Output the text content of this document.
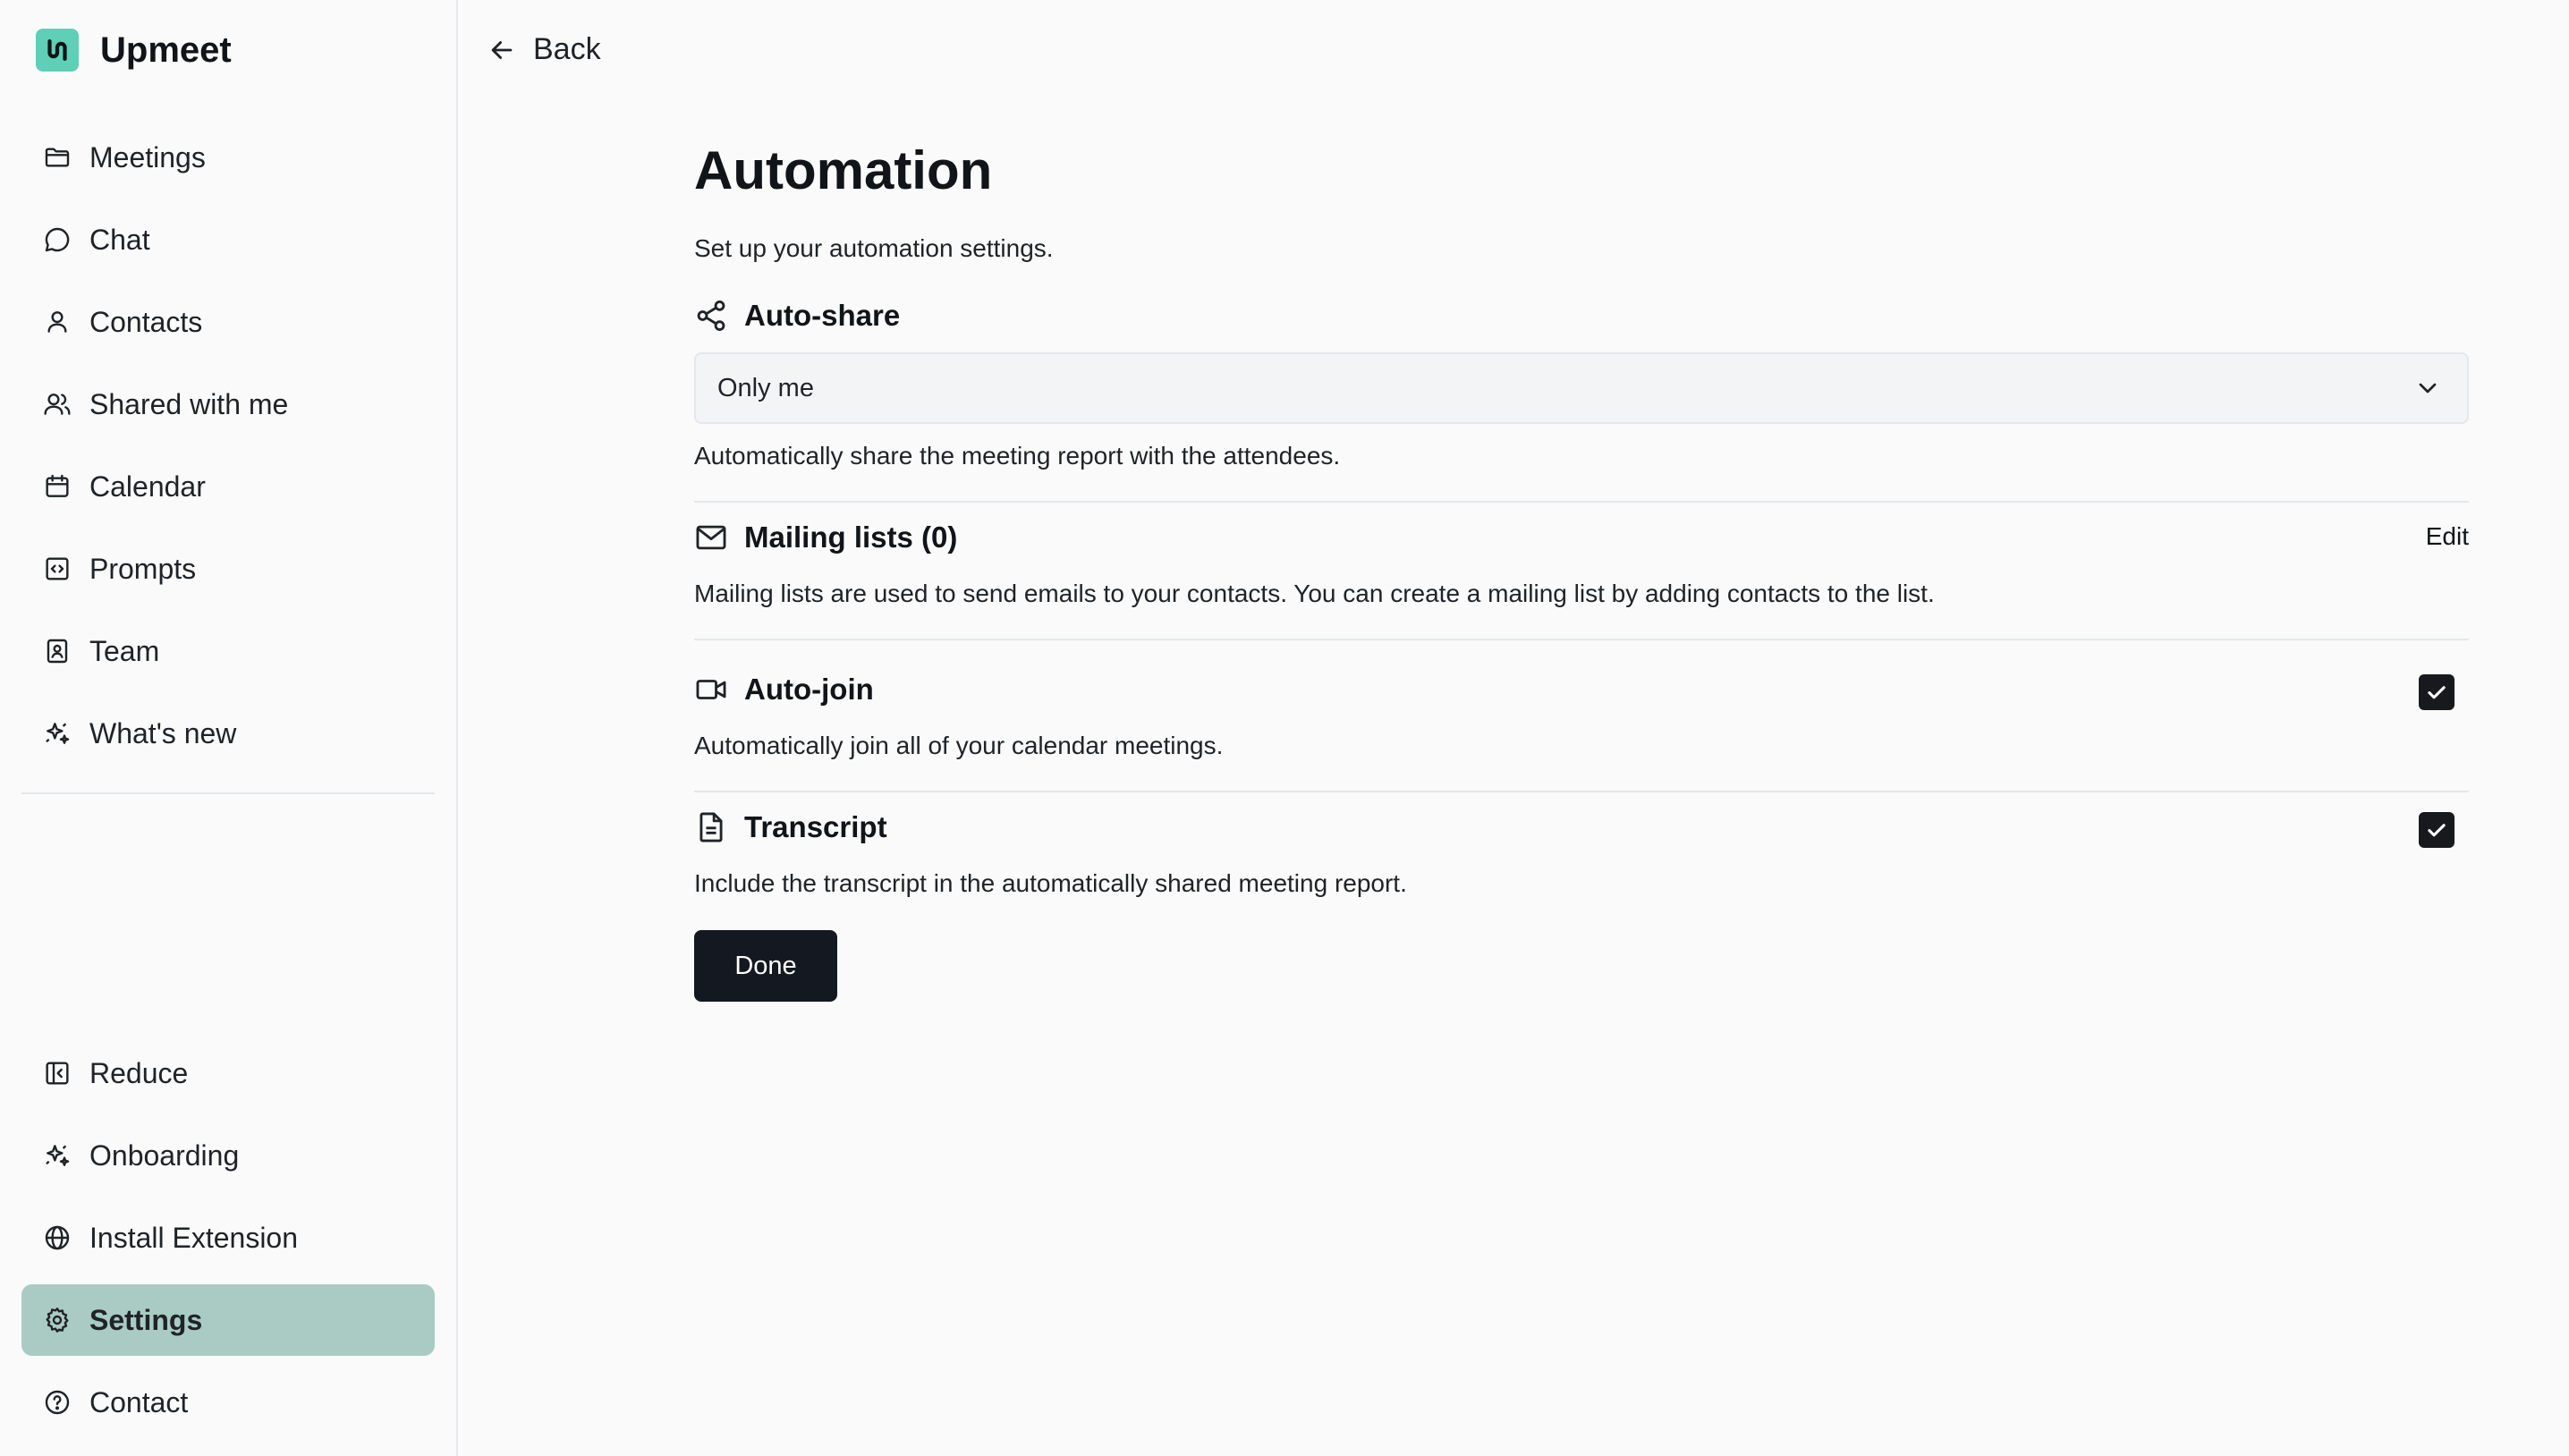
Upmeet
Meetings
Chat
Contacts
Shared with me
Calendar
Prompts
Team
What's new
Reduce
Onboarding
Install Extension
Settings
Contact
Back
Automation

Set up your automation settings.

Auto-share
Only me

Automatically share the meeting report with the attendees.

Mailing lists (0)	Edit

Mailing lists are used to send emails to your contacts. You can create a mailing list by adding contacts to the list.

Auto-join

Automatically join all of your calendar meetings.

Transcript

Include the transcript in the automatically shared meeting report.

Done
